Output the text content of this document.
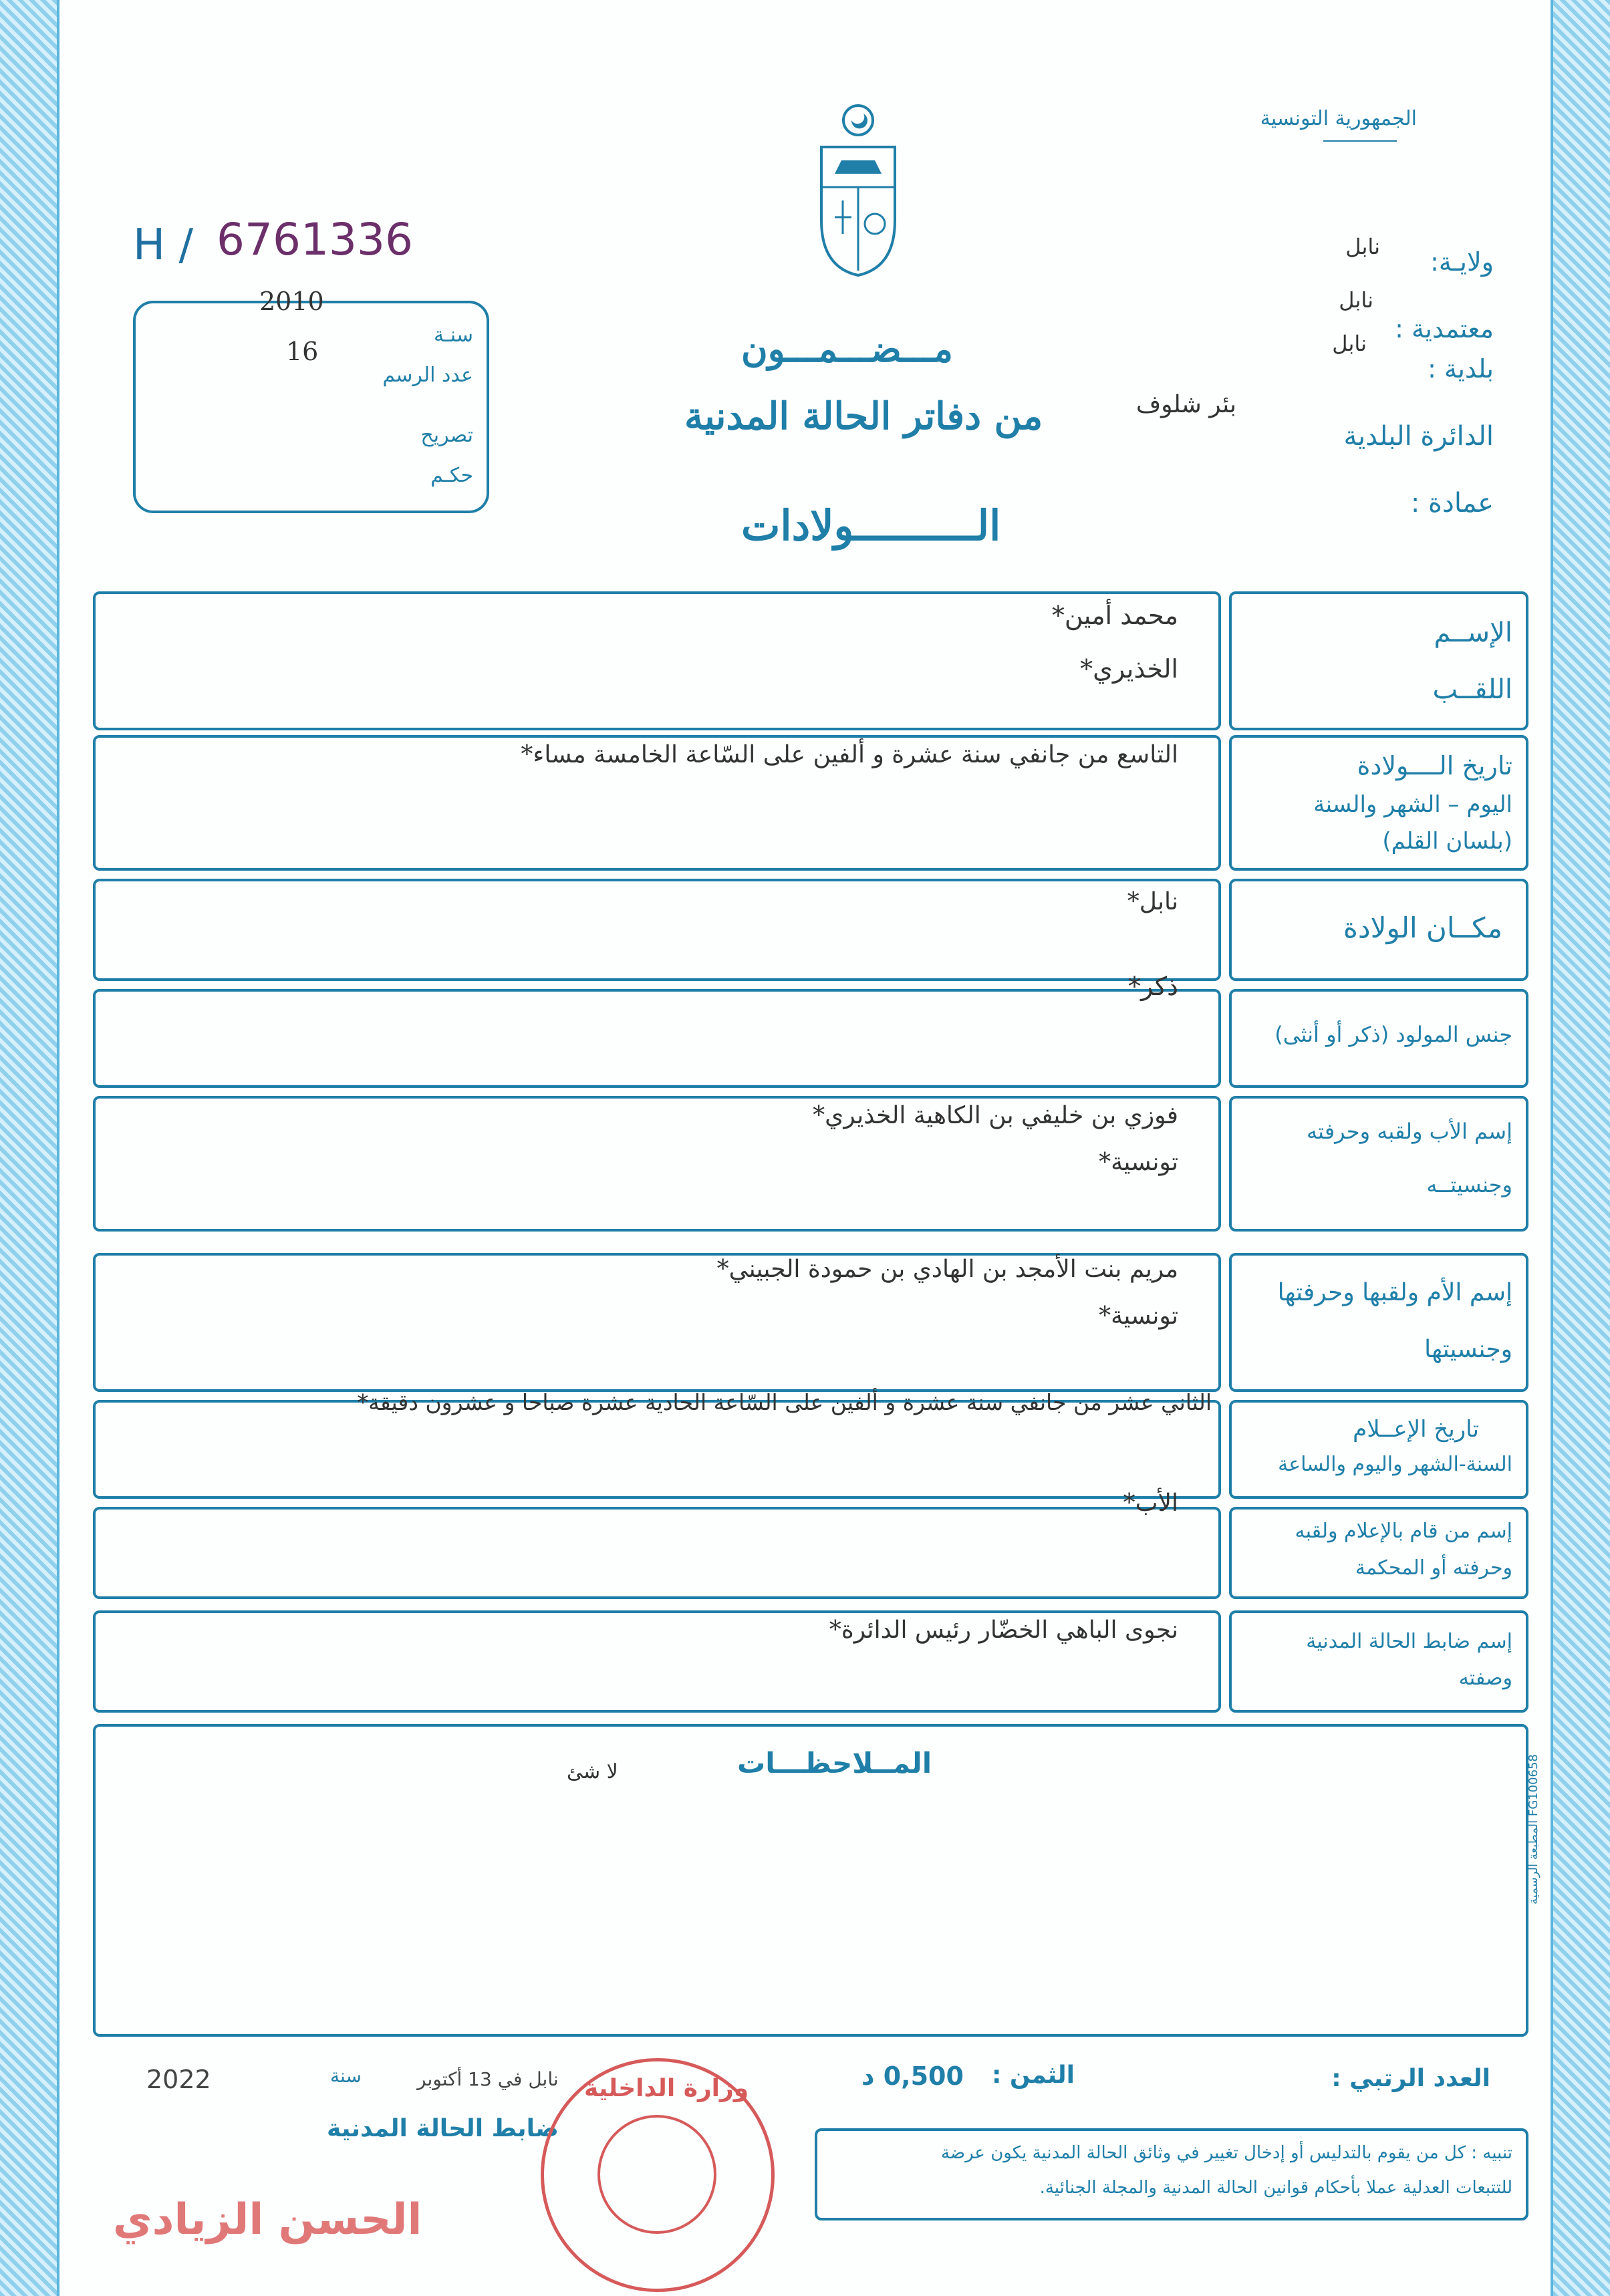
الجمهورية التونسية
H / 6761336
سنـة
2010
عدد الرسم
16
تصريح
حكـم
ولايـة:
نابل
معتمدية :
نابل
بلدية :
نابل
الدائرة البلدية
بئر شلوف
عمادة :
مـــضـــمـــون
من دفاتر الحالة المدنية
الــــــــــولادات
محمد أمين*
الخذيري*
الإســم
اللقــب
التاسع من جانفي سنة عشرة و ألفين على السّاعة الخامسة مساء*	تاريخ الــــولادة
اليوم – الشهر والسنة
(بلسان القلم)
نابل*
مكــان الولادة
ذكر*
جنس المولود (ذكر أو أنثى)
فوزي بن خليفي بن الكاهية الخذيري*
تونسية*
إسم الأب ولقبه وحرفته
وجنسيتــه
مريم بنت الأمجد بن الهادي بن حمودة الجبيني*
تونسية*
إسم الأم ولقبها وحرفتها
وجنسيتها
الثاني عشر من جانفي سنة عشرة و ألفين على السّاعة الحادية عشرة صباحا و عشرون دقيقة*
تاريخ الإعــلام
السنة-الشهر واليوم والساعة
الأب*
إسم من قام بالإعلام ولقبه
وحرفته أو المحكمة
نجوى الباهي الخضّار رئيس الدائرة*	إسم ضابط الحالة المدنية
وصفته
المــلاحظـــات
لا شئ
المطبعة الرسمية FG100658
العدد الرتبي :
الثمن :
0,500 د
نابل في 13 أكتوبر
سنة
2022
ضابط الحالة المدنية
وزارة الداخلية
الحسن الزيادي
تنبيه : كل من يقوم بالتدليس أو إدخال تغيير في وثائق الحالة المدنية يكون عرضة
للتتبعات العدلية عملا بأحكام قوانين الحالة المدنية والمجلة الجنائية.
